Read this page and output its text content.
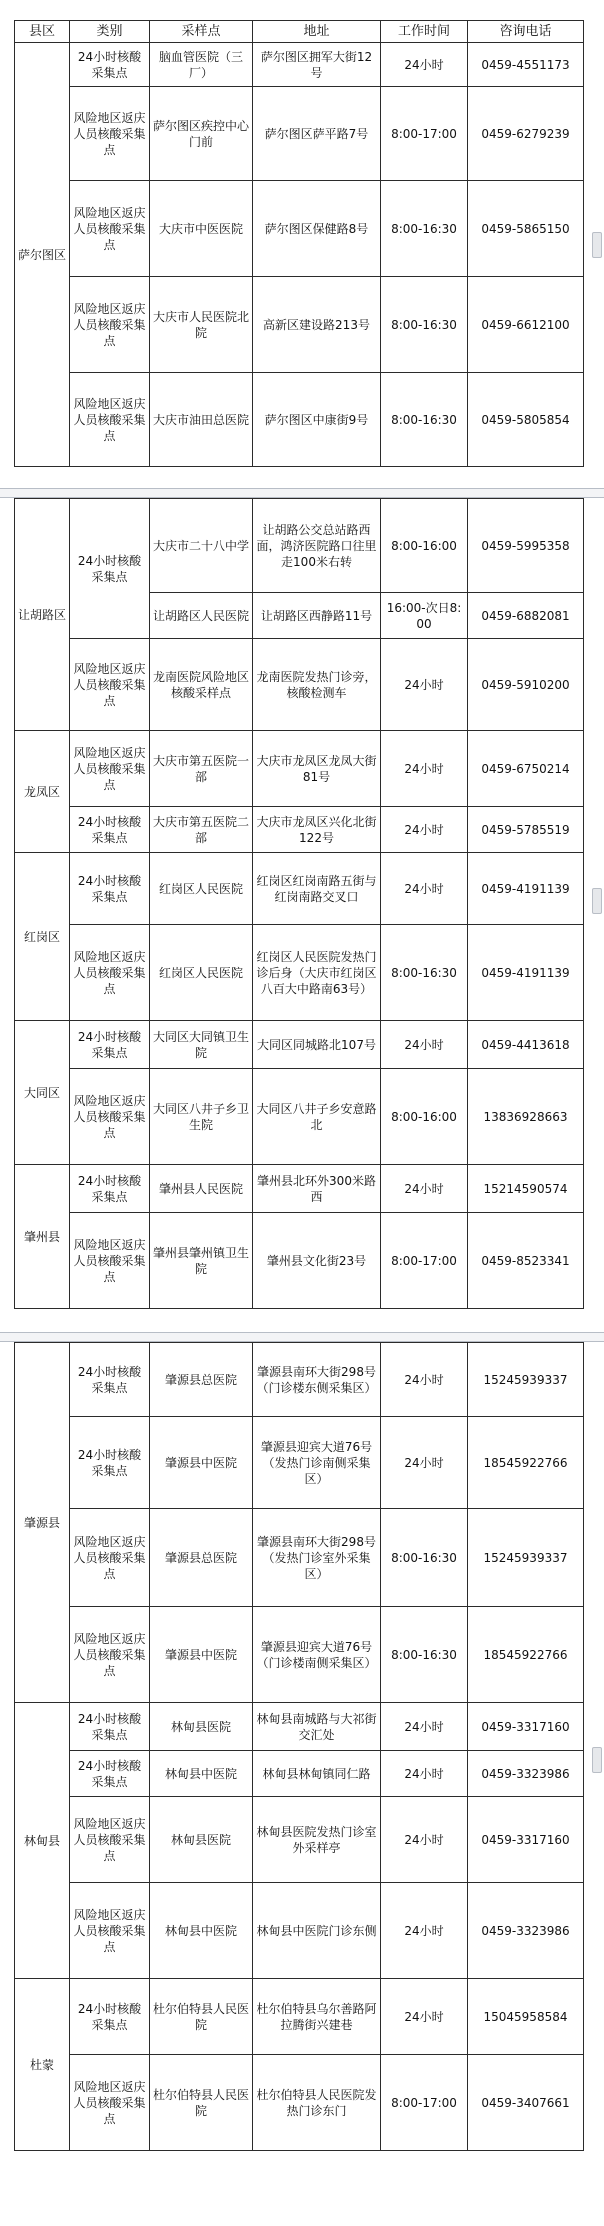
县区	类别	采样点	地址	工作时间	咨询电话
萨尔图区	24小时核酸采集点	脑血管医院（三厂）	萨尔图区拥军大街12号	24小时	0459-4551173
	风险地区返庆人员核酸采集点	萨尔图区疾控中心门前	萨尔图区萨平路7号	8:00-17:00	0459-6279239
	风险地区返庆人员核酸采集点	大庆市中医医院	萨尔图区保健路8号	8:00-16:30	0459-5865150
	风险地区返庆人员核酸采集点	大庆市人民医院北院	高新区建设路213号	8:00-16:30	0459-6612100
	风险地区返庆人员核酸采集点	大庆市油田总医院	萨尔图区中康街9号	8:00-16:30	0459-5805854
让胡路区	24小时核酸采集点	大庆市二十八中学	让胡路公交总站路西面，鸿济医院路口往里走100米右转	8:00-16:00	0459-5995358
		让胡路区人民医院	让胡路区西静路11号	16:00-次日8:00	0459-6882081
	风险地区返庆人员核酸采集点	龙南医院风险地区核酸采样点	龙南医院发热门诊旁，核酸检测车	24小时	0459-5910200
龙凤区	风险地区返庆人员核酸采集点	大庆市第五医院一部	大庆市龙凤区龙凤大街81号	24小时	0459-6750214
	24小时核酸采集点	大庆市第五医院二部	大庆市龙凤区兴化北街122号	24小时	0459-5785519
红岗区	24小时核酸采集点	红岗区人民医院	红岗区红岗南路五街与红岗南路交叉口	24小时	0459-4191139
	风险地区返庆人员核酸采集点	红岗区人民医院	红岗区人民医院发热门诊后身（大庆市红岗区八百大中路南63号）	8:00-16:30	0459-4191139
大同区	24小时核酸采集点	大同区大同镇卫生院	大同区同城路北107号	24小时	0459-4413618
	风险地区返庆人员核酸采集点	大同区八井子乡卫生院	大同区八井子乡安意路北	8:00-16:00	13836928663
肇州县	24小时核酸采集点	肇州县人民医院	肇州县北环外300米路西	24小时	15214590574
	风险地区返庆人员核酸采集点	肇州县肇州镇卫生院	肇州县文化街23号	8:00-17:00	0459-8523341
肇源县	24小时核酸采集点	肇源县总医院	肇源县南环大街298号（门诊楼东侧采集区）	24小时	15245939337
	24小时核酸采集点	肇源县中医院	肇源县迎宾大道76号（发热门诊南侧采集区）	24小时	18545922766
	风险地区返庆人员核酸采集点	肇源县总医院	肇源县南环大街298号（发热门诊室外采集区）	8:00-16:30	15245939337
	风险地区返庆人员核酸采集点	肇源县中医院	肇源县迎宾大道76号（门诊楼南侧采集区）	8:00-16:30	18545922766
林甸县	24小时核酸采集点	林甸县医院	林甸县南城路与大祁街交汇处	24小时	0459-3317160
	24小时核酸采集点	林甸县中医院	林甸县林甸镇同仁路	24小时	0459-3323986
	风险地区返庆人员核酸采集点	林甸县医院	林甸县医院发热门诊室外采样亭	24小时	0459-3317160
	风险地区返庆人员核酸采集点	林甸县中医院	林甸县中医院门诊东侧	24小时	0459-3323986
杜蒙	24小时核酸采集点	杜尔伯特县人民医院	杜尔伯特县乌尔善路阿拉腾街兴建巷	24小时	15045958584
	风险地区返庆人员核酸采集点	杜尔伯特县人民医院	杜尔伯特县人民医院发热门诊东门	8:00-17:00	0459-3407661
